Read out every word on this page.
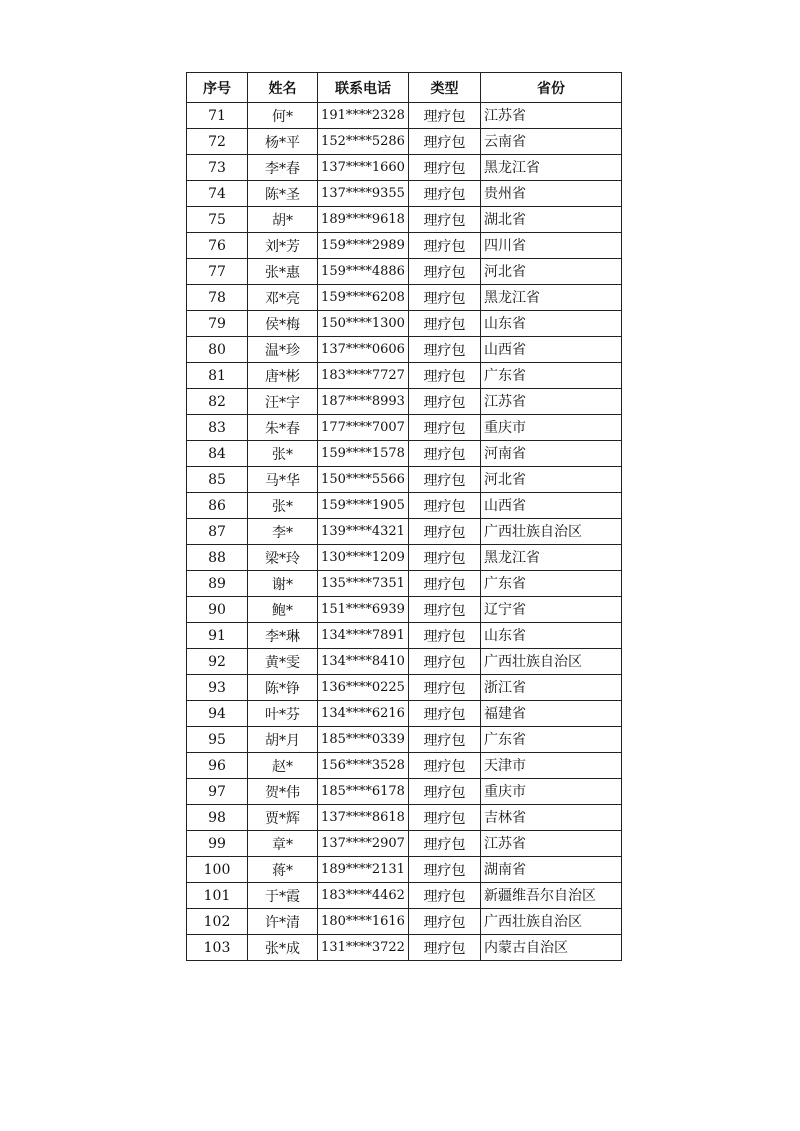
序号	姓名	联系电话	类型	省份
71	何*	191****2328	理疗包	江苏省
72	杨*平	152****5286	理疗包	云南省
73	李*春	137****1660	理疗包	黑龙江省
74	陈*圣	137****9355	理疗包	贵州省
75	胡*	189****9618	理疗包	湖北省
76	刘*芳	159****2989	理疗包	四川省
77	张*惠	159****4886	理疗包	河北省
78	邓*亮	159****6208	理疗包	黑龙江省
79	侯*梅	150****1300	理疗包	山东省
80	温*珍	137****0606	理疗包	山西省
81	唐*彬	183****7727	理疗包	广东省
82	汪*宇	187****8993	理疗包	江苏省
83	朱*春	177****7007	理疗包	重庆市
84	张*	159****1578	理疗包	河南省
85	马*华	150****5566	理疗包	河北省
86	张*	159****1905	理疗包	山西省
87	李*	139****4321	理疗包	广西壮族自治区
88	梁*玲	130****1209	理疗包	黑龙江省
89	谢*	135****7351	理疗包	广东省
90	鲍*	151****6939	理疗包	辽宁省
91	李*琳	134****7891	理疗包	山东省
92	黄*雯	134****8410	理疗包	广西壮族自治区
93	陈*铮	136****0225	理疗包	浙江省
94	叶*芬	134****6216	理疗包	福建省
95	胡*月	185****0339	理疗包	广东省
96	赵*	156****3528	理疗包	天津市
97	贺*伟	185****6178	理疗包	重庆市
98	贾*辉	137****8618	理疗包	吉林省
99	章*	137****2907	理疗包	江苏省
100	蒋*	189****2131	理疗包	湖南省
101	于*霞	183****4462	理疗包	新疆维吾尔自治区
102	许*清	180****1616	理疗包	广西壮族自治区
103	张*成	131****3722	理疗包	内蒙古自治区
